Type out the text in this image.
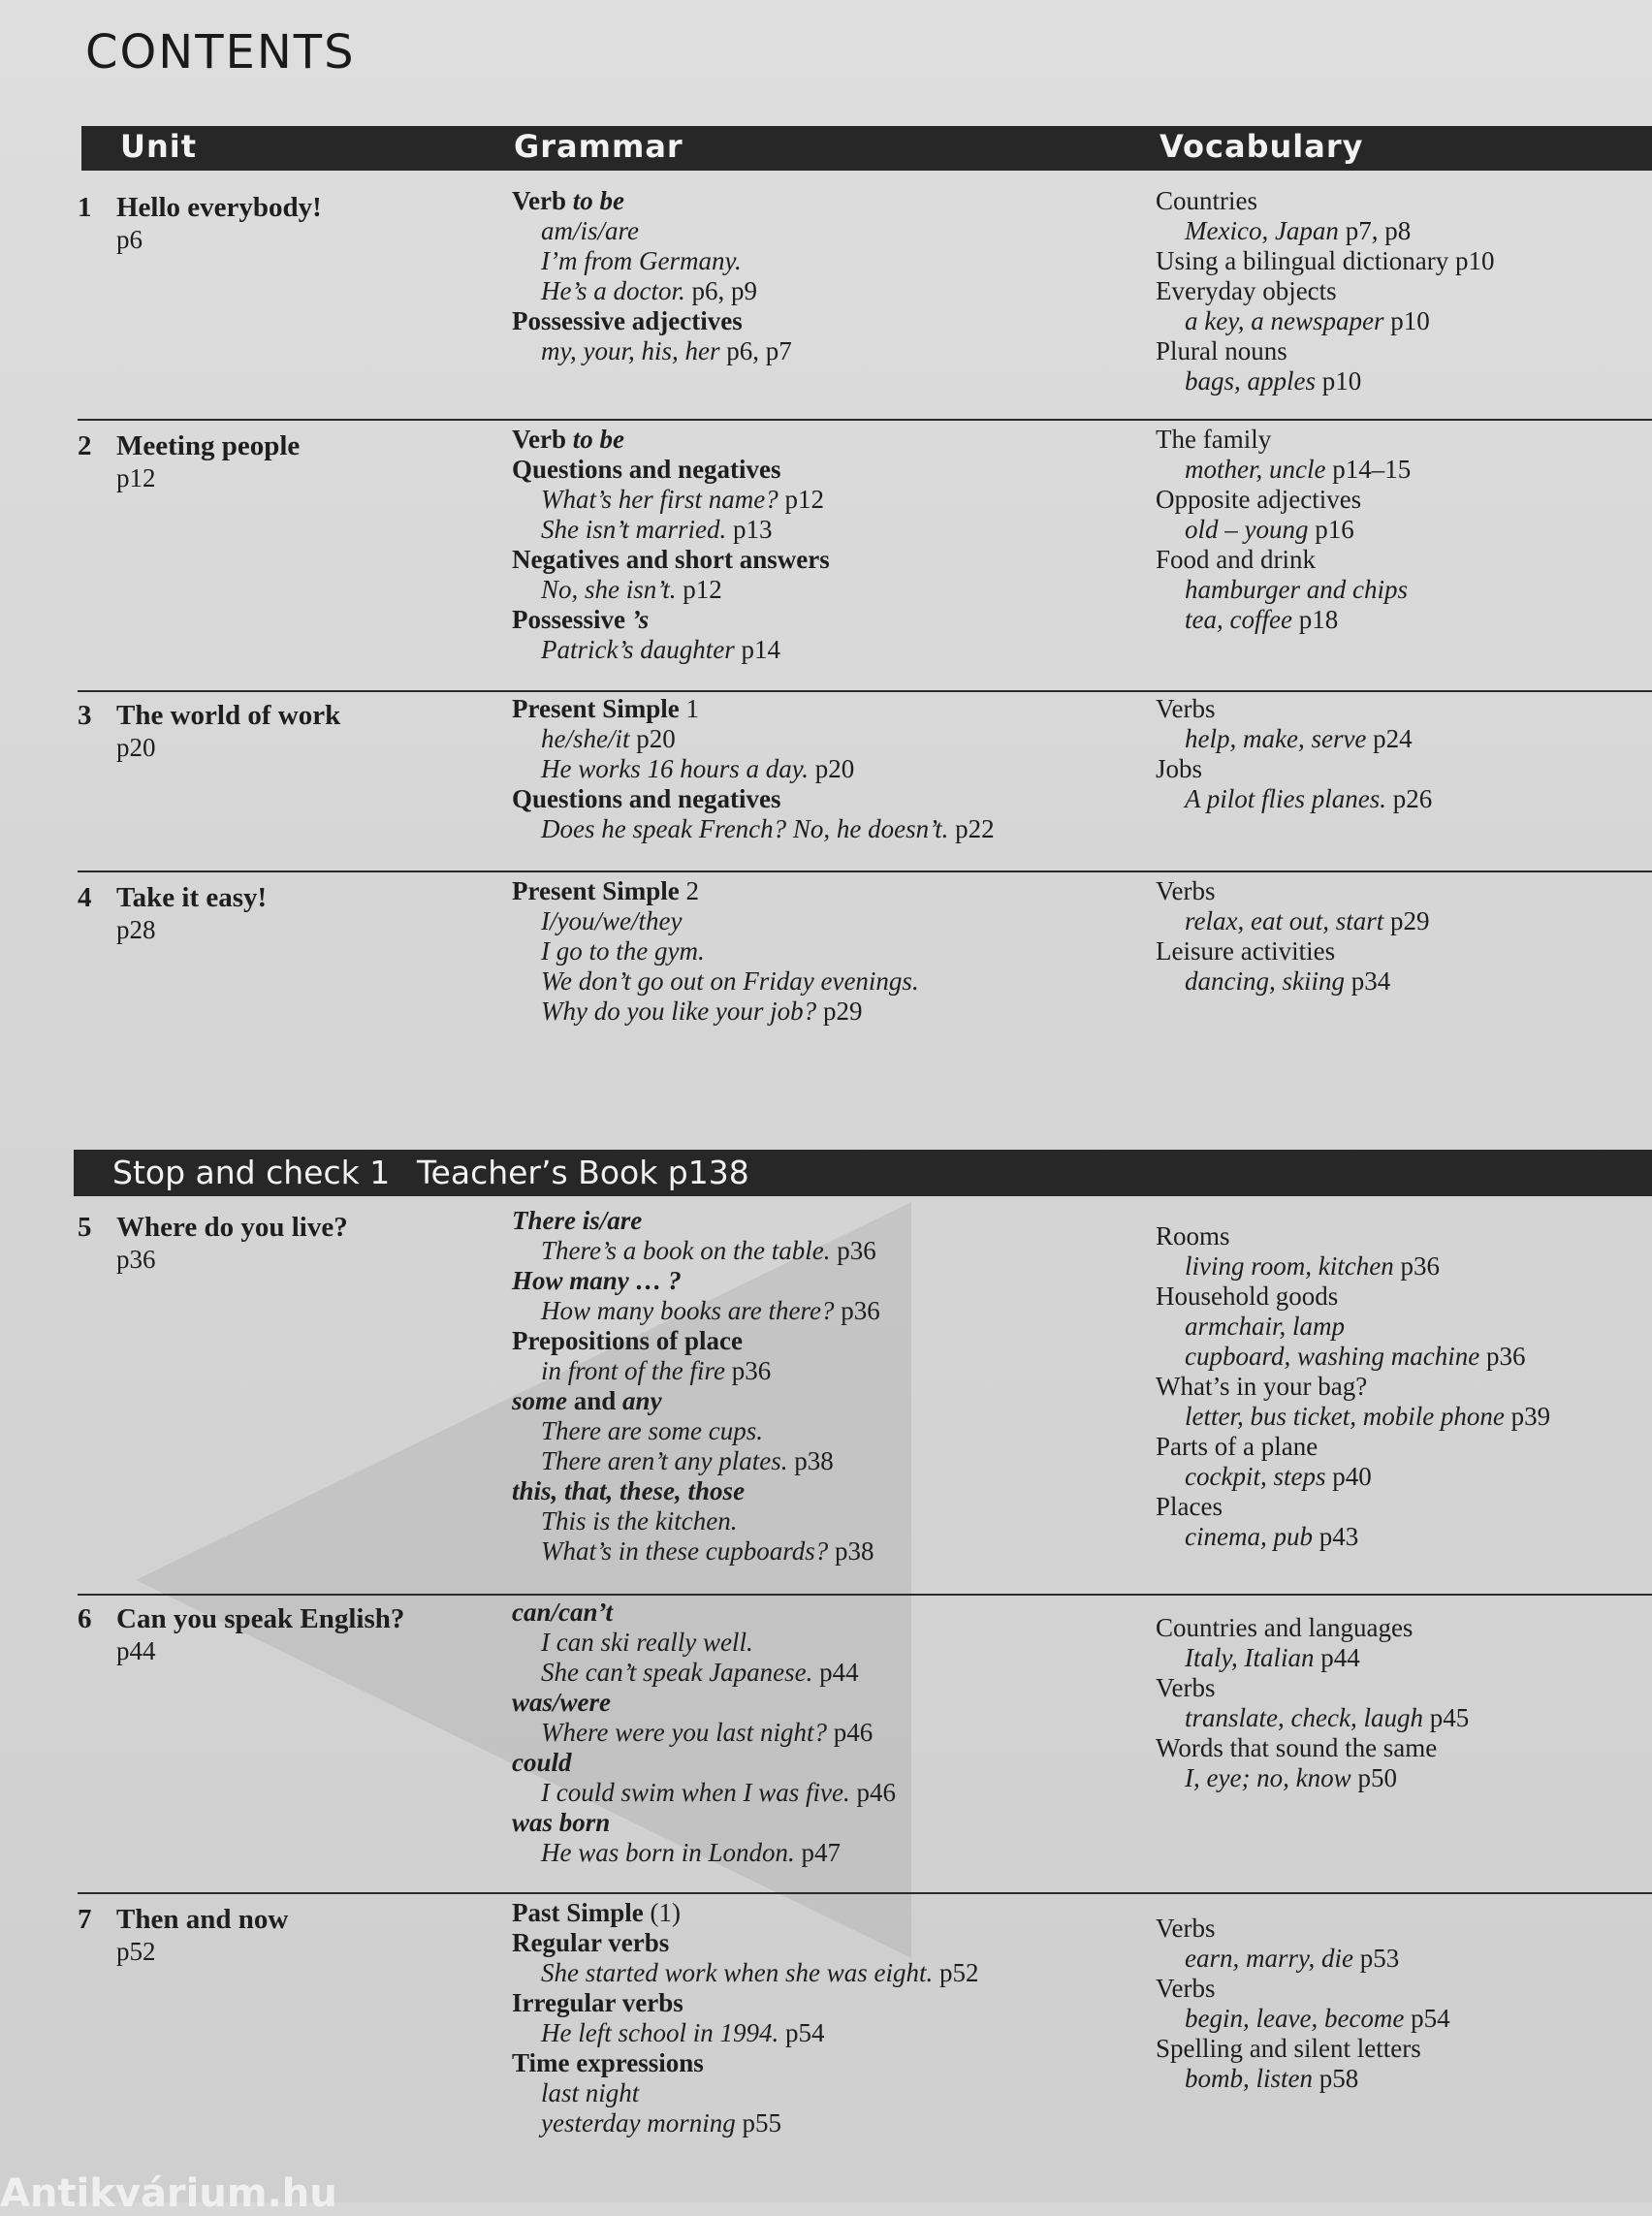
CONTENTS
Unit	Grammar	Vocabulary
Stop and check 1 Teacher’s Book p138
1 Hello everybody!
p6
Verb to be
am/is/are
I’m from Germany.
He’s a doctor. p6, p9
Possessive adjectives
my, your, his, her p6, p7
Countries
Mexico, Japan p7, p8
Using a bilingual dictionary p10
Everyday objects
a key, a newspaper p10
Plural nouns
bags, apples p10
2 Meeting people
p12
Verb to be
Questions and negatives
What’s her first name? p12
She isn’t married. p13
Negatives and short answers
No, she isn’t. p12
Possessive ’s
Patrick’s daughter p14
The family
mother, uncle p14–15
Opposite adjectives
old – young p16
Food and drink
hamburger and chips
tea, coffee p18
3 The world of work
p20
Present Simple 1
he/she/it p20
He works 16 hours a day. p20
Questions and negatives
Does he speak French? No, he doesn’t. p22
Verbs
help, make, serve p24
Jobs
A pilot flies planes. p26
4 Take it easy!
p28
Present Simple 2
I/you/we/they
I go to the gym.
We don’t go out on Friday evenings.
Why do you like your job? p29
Verbs
relax, eat out, start p29
Leisure activities
dancing, skiing p34
5 Where do you live?
p36
There is/are
There’s a book on the table. p36
How many … ?
How many books are there? p36
Prepositions of place
in front of the fire p36
some and any
There are some cups.
There aren’t any plates. p38
this, that, these, those
This is the kitchen.
What’s in these cupboards? p38
Rooms
living room, kitchen p36
Household goods
armchair, lamp
cupboard, washing machine p36
What’s in your bag?
letter, bus ticket, mobile phone p39
Parts of a plane
cockpit, steps p40
Places
cinema, pub p43
6 Can you speak English?
p44
can/can’t
I can ski really well.
She can’t speak Japanese. p44
was/were
Where were you last night? p46
could
I could swim when I was five. p46
was born
He was born in London. p47
Countries and languages
Italy, Italian p44
Verbs
translate, check, laugh p45
Words that sound the same
I, eye; no, know p50
7 Then and now
p52
Past Simple (1)
Regular verbs
She started work when she was eight. p52
Irregular verbs
He left school in 1994. p54
Time expressions
last night
yesterday morning p55
Verbs
earn, marry, die p53
Verbs
begin, leave, become p54
Spelling and silent letters
bomb, listen p58
Antikvárium.hu
